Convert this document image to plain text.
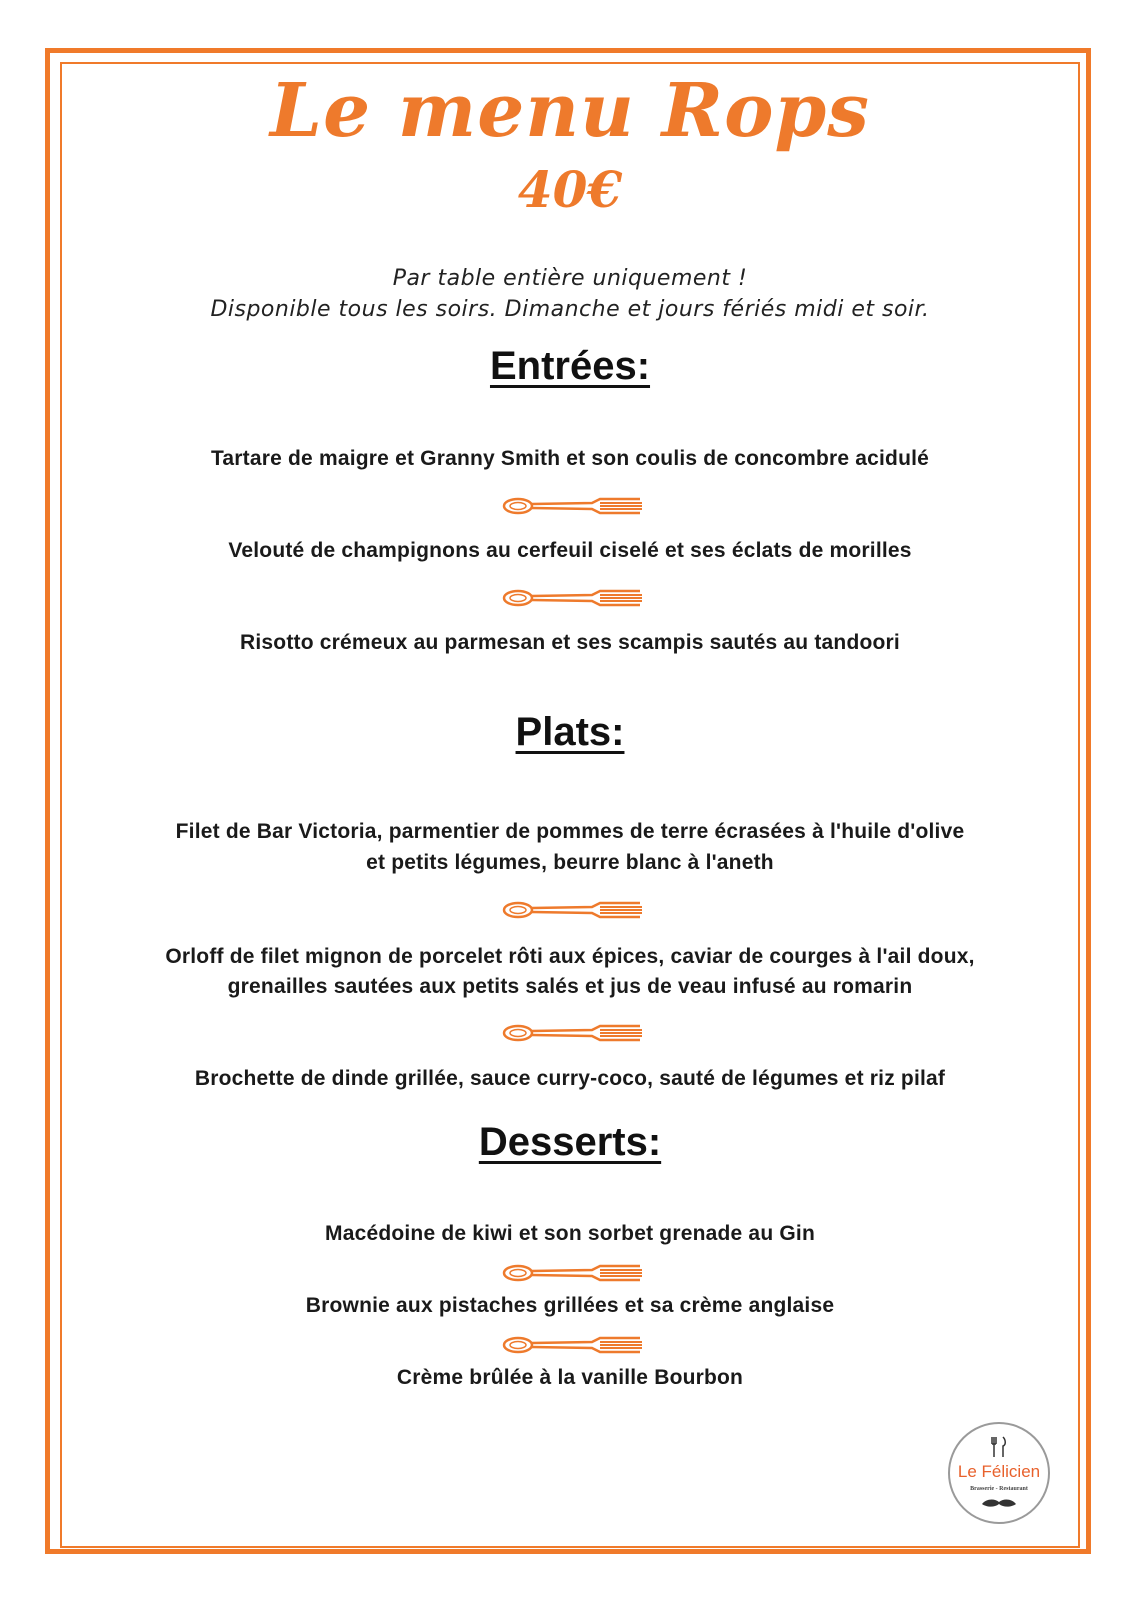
Le menu Rops
40€
Par table entière uniquement !
Disponible tous les soirs. Dimanche et jours fériés midi et soir.
Entrées:
Tartare de maigre et Granny Smith et son coulis de concombre acidulé
Velouté de champignons au cerfeuil ciselé et ses éclats de morilles
Risotto crémeux au parmesan et ses scampis sautés au tandoori
Plats:
Filet de Bar Victoria, parmentier de pommes de terre écrasées à l'huile d'olive
et petits légumes, beurre blanc à l'aneth
Orloff de filet mignon de porcelet rôti aux épices, caviar de courges à l'ail doux,
grenailles sautées aux petits salés et jus de veau infusé au romarin
Brochette de dinde grillée, sauce curry-coco, sauté de légumes et riz pilaf
Desserts:
Macédoine de kiwi et son sorbet grenade au Gin
Brownie aux pistaches grillées et sa crème anglaise
Crème brûlée à la vanille Bourbon
Le Félicien
Brasserie - Restaurant
